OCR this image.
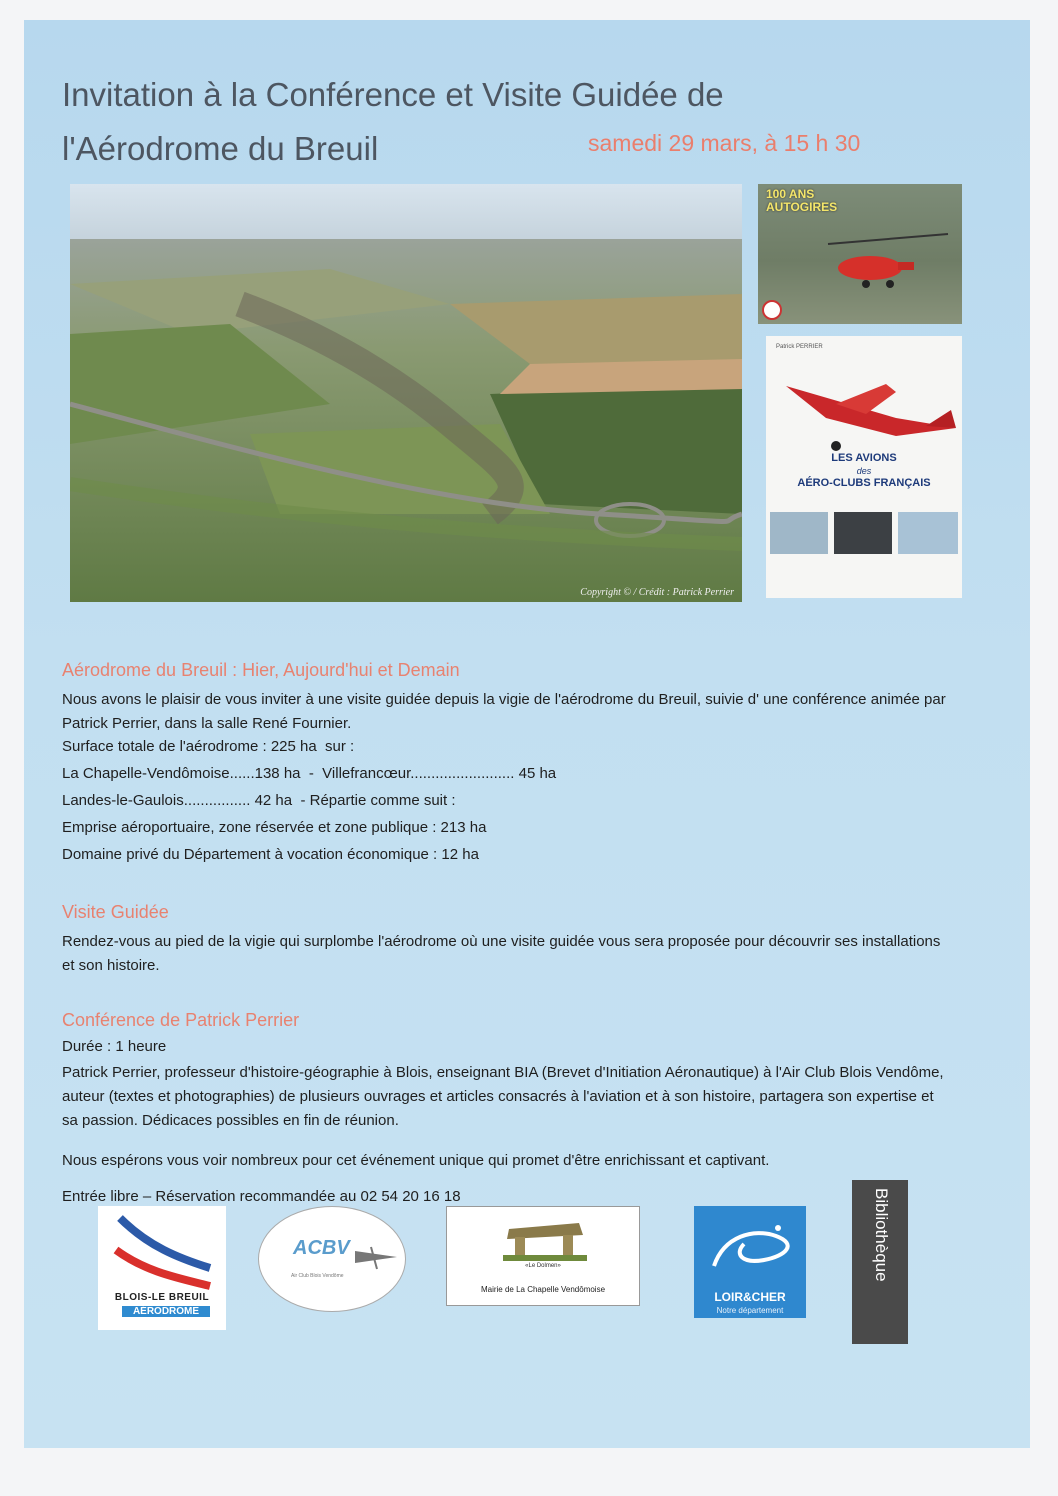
Invitation à la Conférence et Visite Guidée de
l'Aérodrome du Breuil	samedi 29 mars, à 15 h 30
Copyright © / Crédit : Patrick Perrier
100 ANS AUTOGIRES
Patrick PERRIER
LES AVIONS
des
AÉRO-CLUBS FRANÇAIS
Aérodrome du Breuil : Hier, Aujourd'hui et Demain
Nous avons le plaisir de vous inviter à une visite guidée depuis la vigie de l'aérodrome du Breuil, suivie d' une conférence animée par Patrick Perrier, dans la salle René Fournier.
Surface totale de l'aérodrome : 225 ha  sur :
La Chapelle-Vendômoise......138 ha  -  Villefrancœur......................... 45 ha
Landes-le-Gaulois................ 42 ha  - Répartie comme suit :
Emprise aéroportuaire, zone réservée et zone publique : 213 ha
Domaine privé du Département à vocation économique : 12 ha
Visite Guidée
Rendez-vous au pied de la vigie qui surplombe l'aérodrome où une visite guidée vous sera proposée pour découvrir ses installations et son histoire.
Conférence de Patrick Perrier
Durée : 1 heure
Patrick Perrier, professeur d'histoire-géographie à Blois, enseignant BIA (Brevet d'Initiation Aéronautique) à l'Air Club Blois Vendôme, auteur (textes et photographies) de plusieurs ouvrages et articles consacrés à l'aviation et à son histoire, partagera son expertise et sa passion. Dédicaces possibles en fin de réunion.
Nous espérons vous voir nombreux pour cet événement unique qui promet d'être enrichissant et captivant.
Entrée libre – Réservation recommandée au 02 54 20 16 18
BLOIS-LE BREUIL
AÉRODROME
ACBV
Air Club Blois Vendôme
«Le Dolmen»
Mairie de La Chapelle Vendômoise
LOIR&CHER
Notre département
Bibliothèque
